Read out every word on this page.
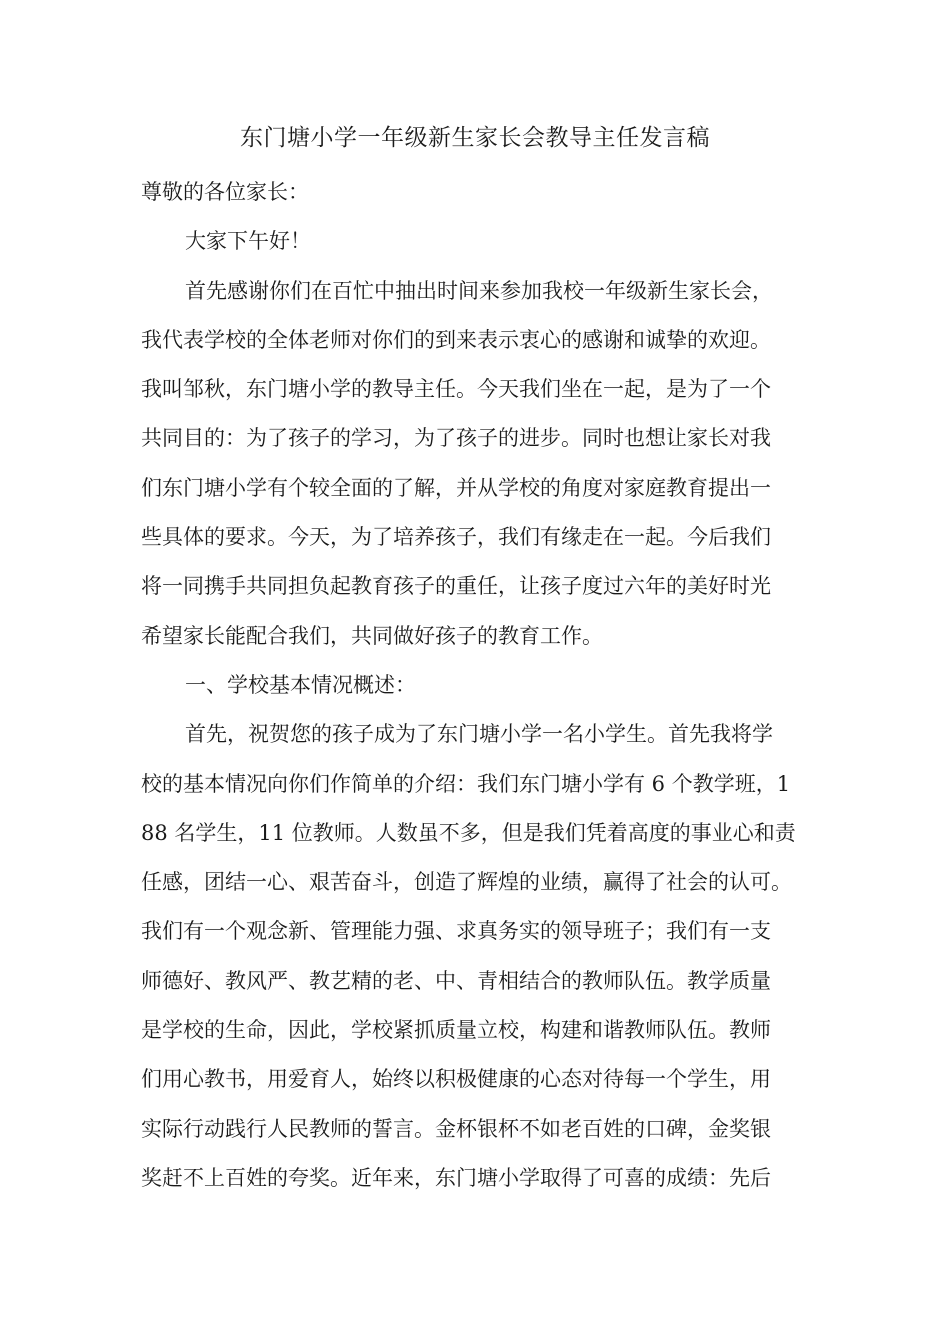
东门塘小学一年级新生家长会教导主任发言稿
尊敬的各位家长：
大家下午好！
首先感谢你们在百忙中抽出时间来参加我校一年级新生家长会，
我代表学校的全体老师对你们的到来表示衷心的感谢和诚挚的欢迎。
我叫邹秋，东门塘小学的教导主任。今天我们坐在一起，是为了一个
共同目的：为了孩子的学习，为了孩子的进步。同时也想让家长对我
们东门塘小学有个较全面的了解，并从学校的角度对家庭教育提出一
些具体的要求。今天，为了培养孩子，我们有缘走在一起。今后我们
将一同携手共同担负起教育孩子的重任，让孩子度过六年的美好时光
希望家长能配合我们，共同做好孩子的教育工作。
一、学校基本情况概述：
首先，祝贺您的孩子成为了东门塘小学一名小学生。首先我将学
校的基本情况向你们作简单的介绍：我们东门塘小学有 6 个教学班，1
88 名学生，11 位教师。人数虽不多，但是我们凭着高度的事业心和责
任感，团结一心、艰苦奋斗，创造了辉煌的业绩，赢得了社会的认可。
我们有一个观念新、管理能力强、求真务实的领导班子；我们有一支
师德好、教风严、教艺精的老、中、青相结合的教师队伍。教学质量
是学校的生命，因此，学校紧抓质量立校，构建和谐教师队伍。教师
们用心教书，用爱育人，始终以积极健康的心态对待每一个学生，用
实际行动践行人民教师的誓言。金杯银杯不如老百姓的口碑，金奖银
奖赶不上百姓的夸奖。近年来，东门塘小学取得了可喜的成绩：先后
